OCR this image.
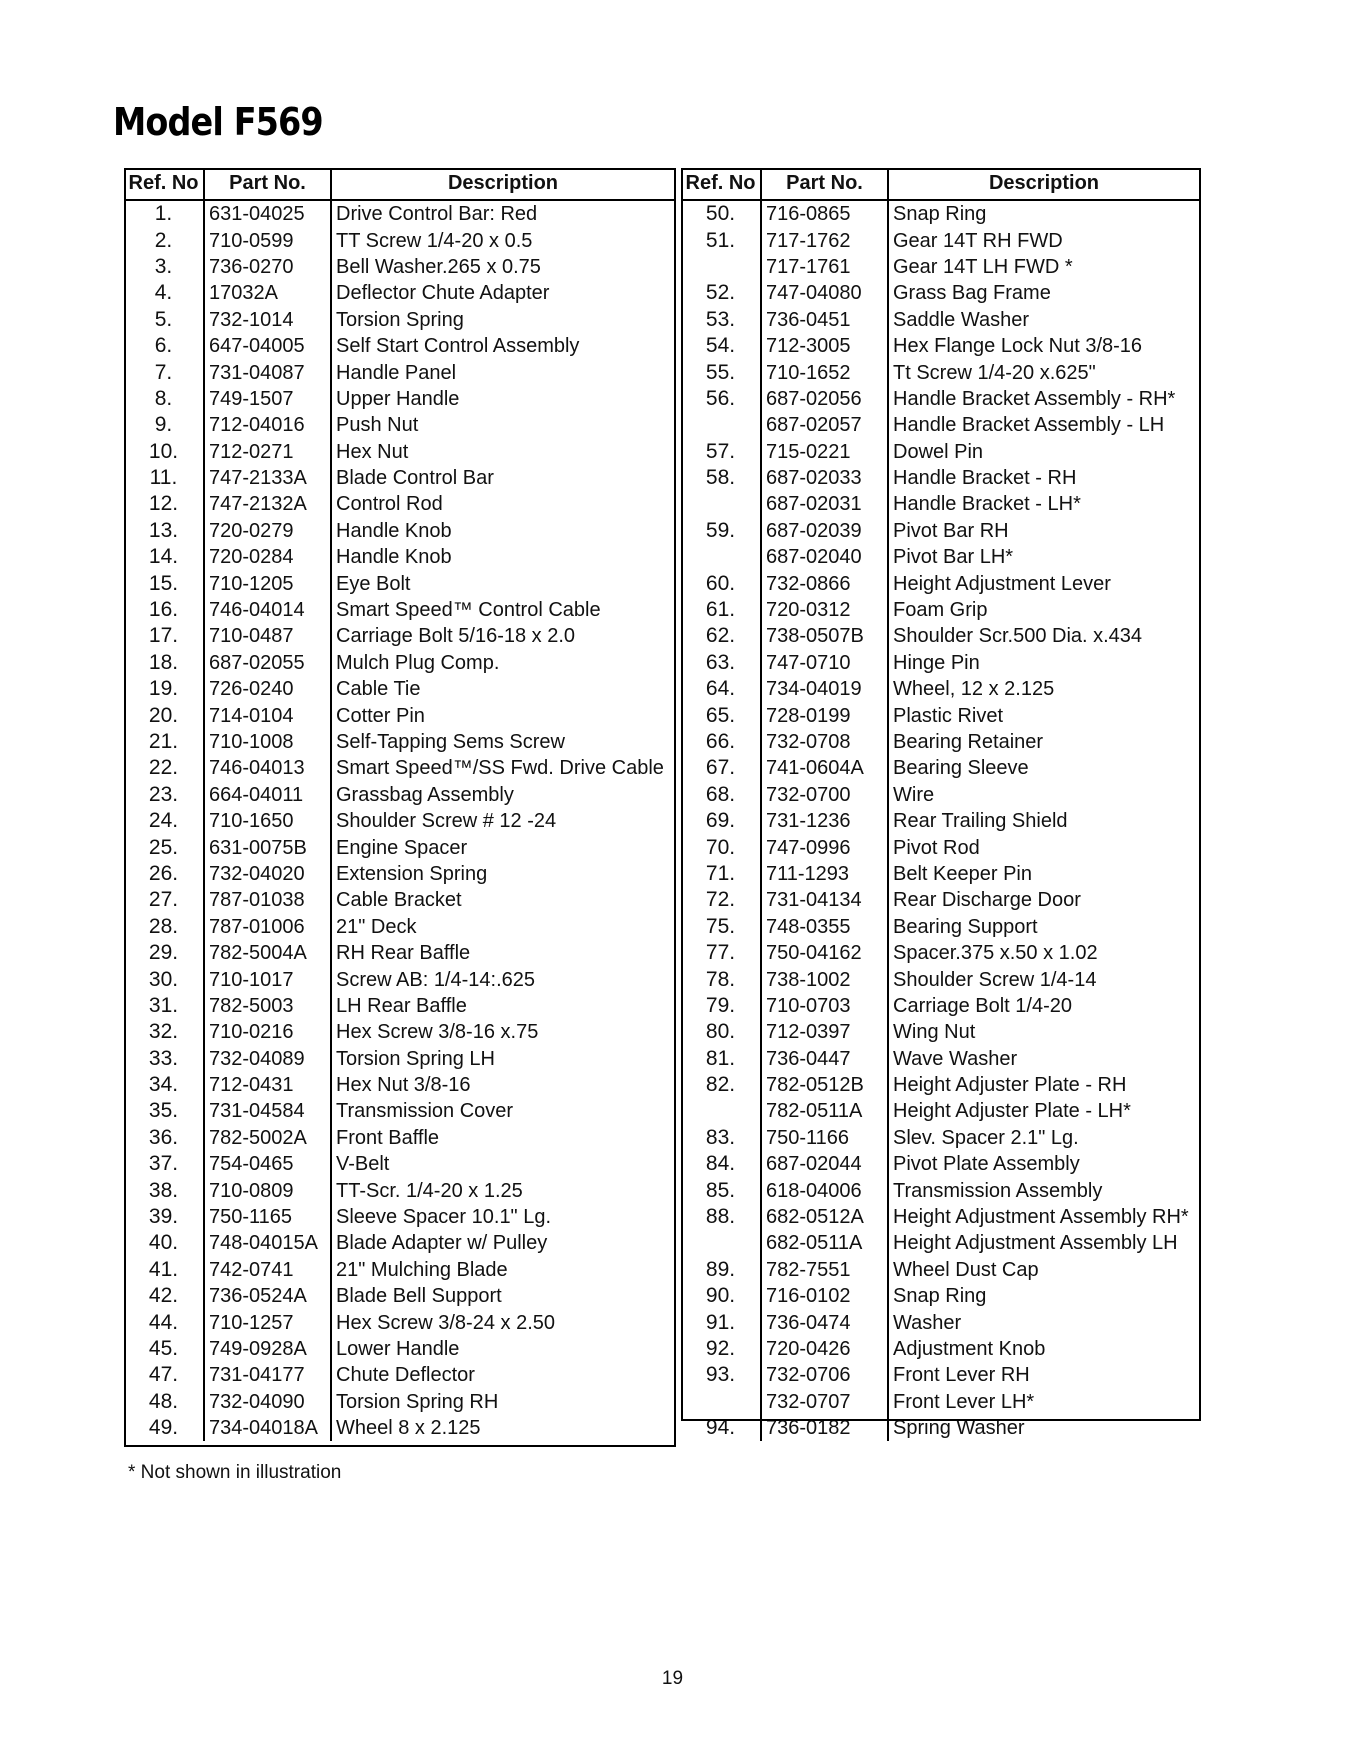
Model F569
Ref. No	Part No.	Description
1.	631-04025	Drive Control Bar: Red
2.	710-0599	TT Screw 1/4-20 x 0.5
3.	736-0270	Bell Washer.265 x 0.75
4.	17032A	Deflector Chute Adapter
5.	732-1014	Torsion Spring
6.	647-04005	Self Start Control Assembly
7.	731-04087	Handle Panel
8.	749-1507	Upper Handle
9.	712-04016	Push Nut
10.	712-0271	Hex Nut
11.	747-2133A	Blade Control Bar
12.	747-2132A	Control Rod
13.	720-0279	Handle Knob
14.	720-0284	Handle Knob
15.	710-1205	Eye Bolt
16.	746-04014	Smart Speed™ Control Cable
17.	710-0487	Carriage Bolt 5/16-18 x 2.0
18.	687-02055	Mulch Plug Comp.
19.	726-0240	Cable Tie
20.	714-0104	Cotter Pin
21.	710-1008	Self-Tapping Sems Screw
22.	746-04013	Smart Speed™/SS Fwd. Drive Cable
23.	664-04011	Grassbag Assembly
24.	710-1650	Shoulder Screw # 12 -24
25.	631-0075B	Engine Spacer
26.	732-04020	Extension Spring
27.	787-01038	Cable Bracket
28.	787-01006	21" Deck
29.	782-5004A	RH Rear Baffle
30.	710-1017	Screw AB: 1/4-14:.625
31.	782-5003	LH Rear Baffle
32.	710-0216	Hex Screw 3/8-16 x.75
33.	732-04089	Torsion Spring LH
34.	712-0431	Hex Nut 3/8-16
35.	731-04584	Transmission Cover
36.	782-5002A	Front Baffle
37.	754-0465	V-Belt
38.	710-0809	TT-Scr. 1/4-20 x 1.25
39.	750-1165	Sleeve Spacer 10.1" Lg.
40.	748-04015A	Blade Adapter w/ Pulley
41.	742-0741	21" Mulching Blade
42.	736-0524A	Blade Bell Support
44.	710-1257	Hex Screw 3/8-24 x 2.50
45.	749-0928A	Lower Handle
47.	731-04177	Chute Deflector
48.	732-04090	Torsion Spring RH
49.	734-04018A	Wheel 8 x 2.125
Ref. No	Part No.	Description
50.	716-0865	Snap Ring
51.	717-1762	Gear 14T RH FWD
	717-1761	Gear 14T LH FWD *
52.	747-04080	Grass Bag Frame
53.	736-0451	Saddle Washer
54.	712-3005	Hex Flange Lock Nut 3/8-16
55.	710-1652	Tt Screw 1/4-20 x.625"
56.	687-02056	Handle Bracket Assembly - RH*
	687-02057	Handle Bracket Assembly - LH
57.	715-0221	Dowel Pin
58.	687-02033	Handle Bracket - RH
	687-02031	Handle Bracket - LH*
59.	687-02039	Pivot Bar RH
	687-02040	Pivot Bar LH*
60.	732-0866	Height Adjustment Lever
61.	720-0312	Foam Grip
62.	738-0507B	Shoulder Scr.500 Dia. x.434
63.	747-0710	Hinge Pin
64.	734-04019	Wheel, 12 x 2.125
65.	728-0199	Plastic Rivet
66.	732-0708	Bearing Retainer
67.	741-0604A	Bearing Sleeve
68.	732-0700	Wire
69.	731-1236	Rear Trailing Shield
70.	747-0996	Pivot Rod
71.	711-1293	Belt Keeper Pin
72.	731-04134	Rear Discharge Door
75.	748-0355	Bearing Support
77.	750-04162	Spacer.375 x.50 x 1.02
78.	738-1002	Shoulder Screw 1/4-14
79.	710-0703	Carriage Bolt 1/4-20
80.	712-0397	Wing Nut
81.	736-0447	Wave Washer
82.	782-0512B	Height Adjuster Plate - RH
	782-0511A	Height Adjuster Plate - LH*
83.	750-1166	Slev. Spacer 2.1" Lg.
84.	687-02044	Pivot Plate Assembly
85.	618-04006	Transmission Assembly
88.	682-0512A	Height Adjustment Assembly RH*
	682-0511A	Height Adjustment Assembly LH
89.	782-7551	Wheel Dust Cap
90.	716-0102	Snap Ring
91.	736-0474	Washer
92.	720-0426	Adjustment Knob
93.	732-0706	Front Lever RH
	732-0707	Front Lever LH*
94.	736-0182	Spring Washer
* Not shown in illustration
19
